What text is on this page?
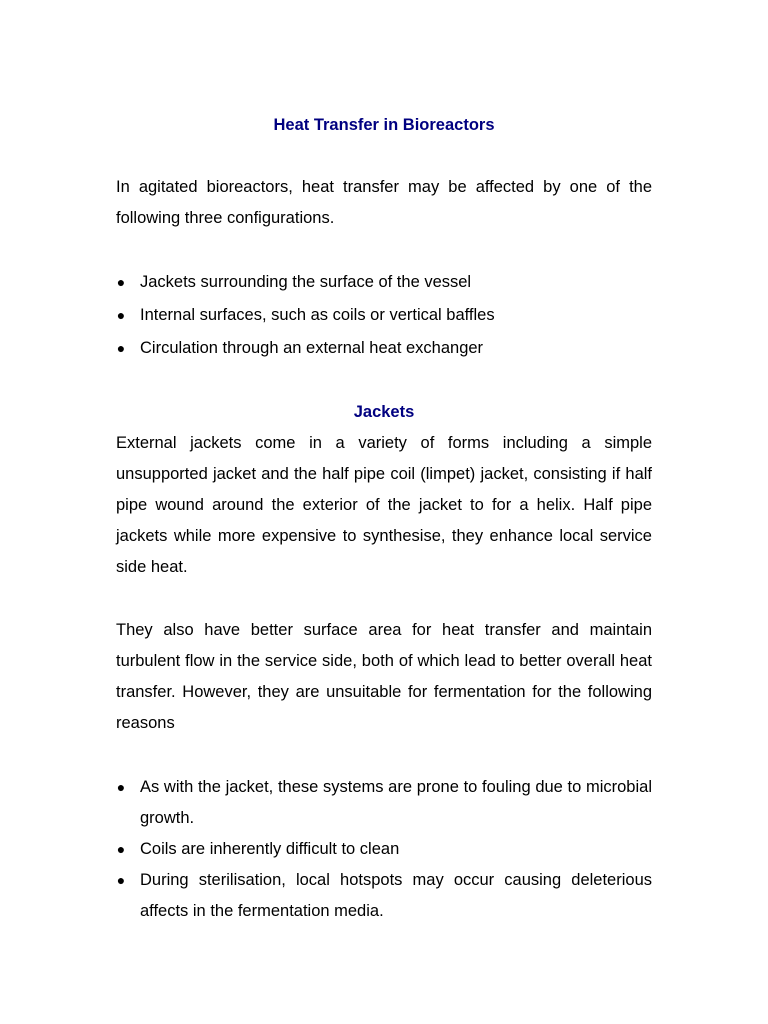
Heat Transfer in Bioreactors

In agitated bioreactors, heat transfer may be affected by one of the following three configurations.

● Jackets surrounding the surface of the vessel
● Internal surfaces, such as coils or vertical baffles
● Circulation through an external heat exchanger
Jackets

External jackets come in a variety of forms including a simple unsupported jacket and the half pipe coil (limpet) jacket, consisting if half pipe wound around the exterior of the jacket to for a helix. Half pipe jackets while more expensive to synthesise, they enhance local service side heat.

They also have better surface area for heat transfer and maintain turbulent flow in the service side, both of which lead to better overall heat transfer. However, they are unsuitable for fermentation for the following reasons

● As with the jacket, these systems are prone to fouling due to microbial growth.
● Coils are inherently difficult to clean
● During sterilisation, local hotspots may occur causing deleterious affects in the fermentation media.
